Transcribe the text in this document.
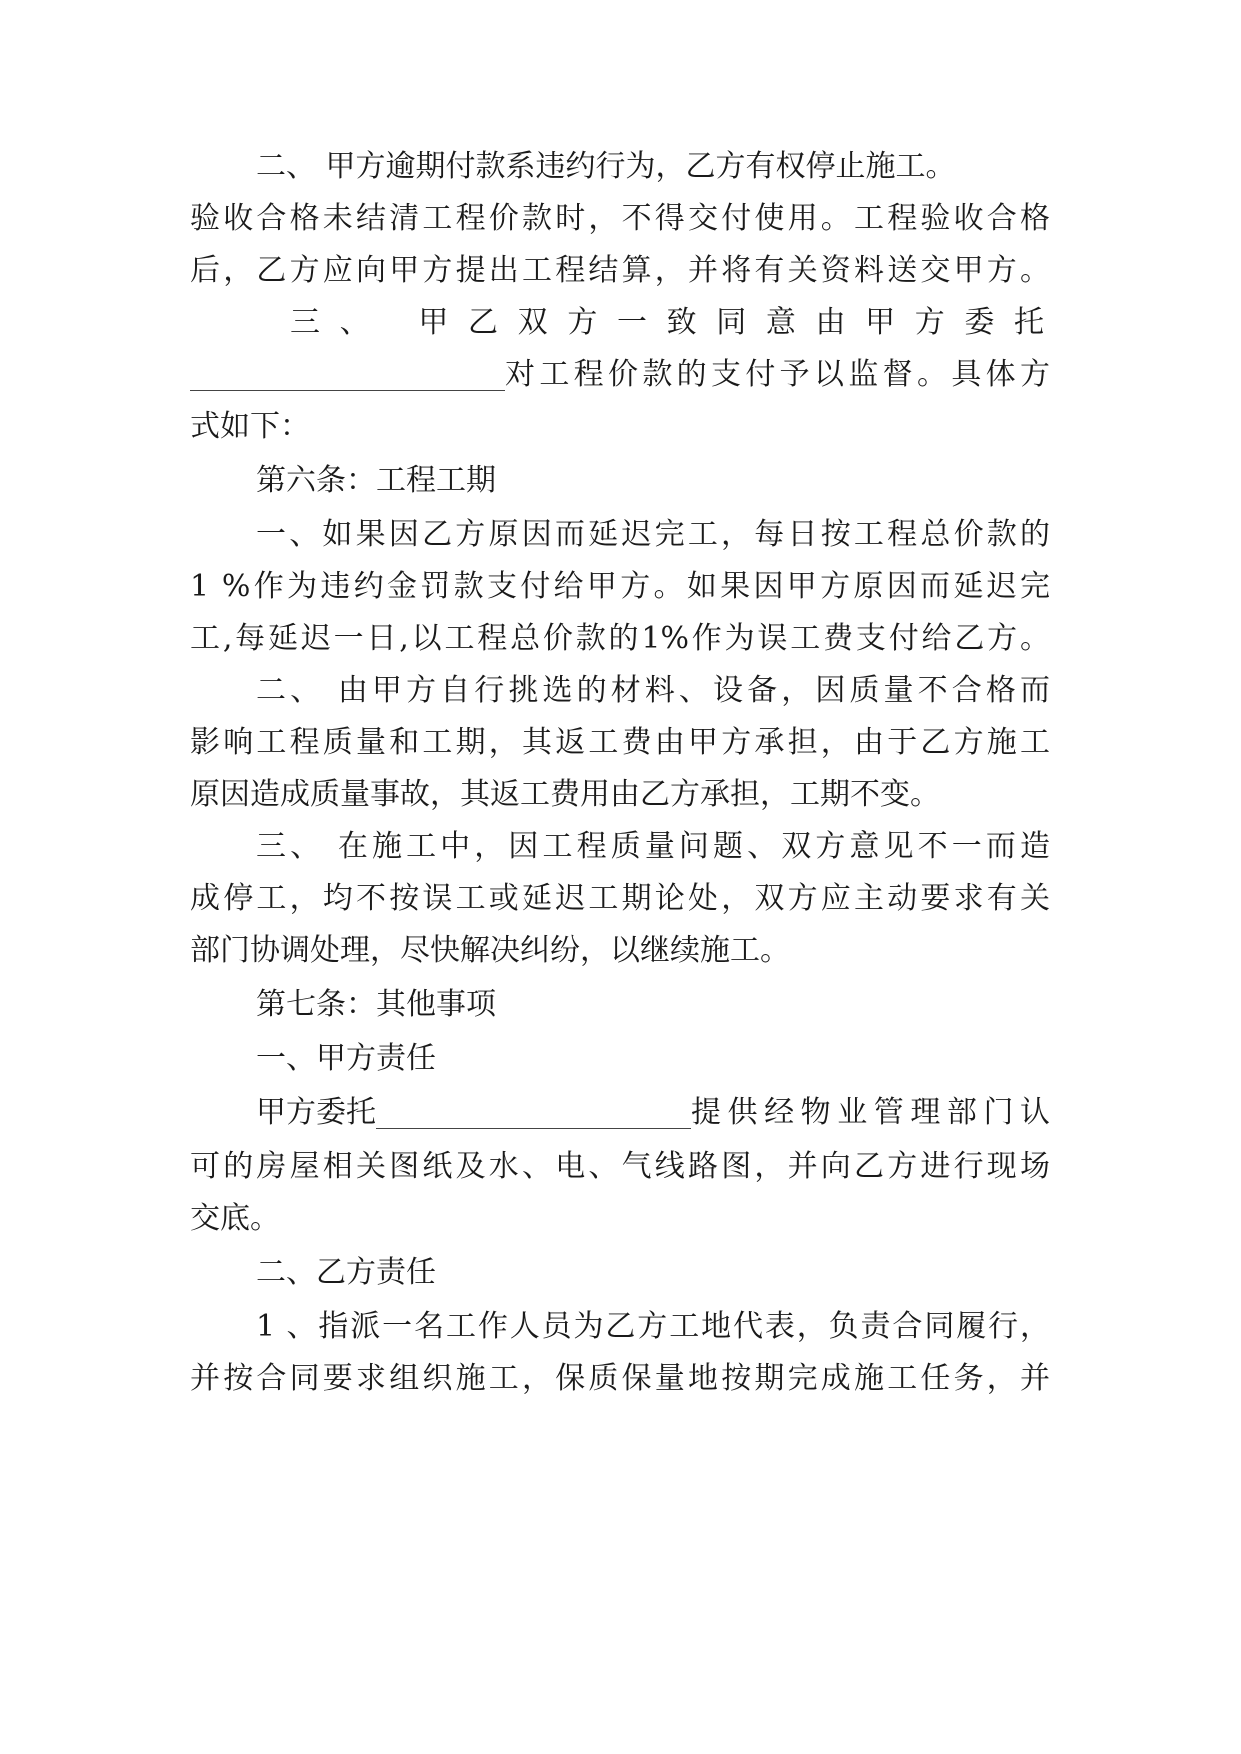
二、 甲方逾期付款系违约行为，乙方有权停止施工。
验收合格未结清工程价款时，不得交付使用。工程验收合格
后，乙方应向甲方提出工程结算，并将有关资料送交甲方。
三、 甲乙双方一致同意由甲方委托
对工程价款的支付予以监督。具体方
式如下：
第六条：工程工期
一、如果因乙方原因而延迟完工，每日按工程总价款的
1 %作为违约金罚款支付给甲方。如果因甲方原因而延迟完
工,每延迟一日,以工程总价款的1%作为误工费支付给乙方。
二、 由甲方自行挑选的材料、设备，因质量不合格而
影响工程质量和工期，其返工费由甲方承担，由于乙方施工
原因造成质量事故，其返工费用由乙方承担，工期不变。
三、 在施工中，因工程质量问题、双方意见不一而造
成停工，均不按误工或延迟工期论处，双方应主动要求有关
部门协调处理，尽快解决纠纷，以继续施工。
第七条：其他事项
一、甲方责任
甲方委托	提供经物业管理部门认
可的房屋相关图纸及水、电、气线路图，并向乙方进行现场
交底。
二、乙方责任
1 、指派一名工作人员为乙方工地代表，负责合同履行，
并按合同要求组织施工，保质保量地按期完成施工任务，并
